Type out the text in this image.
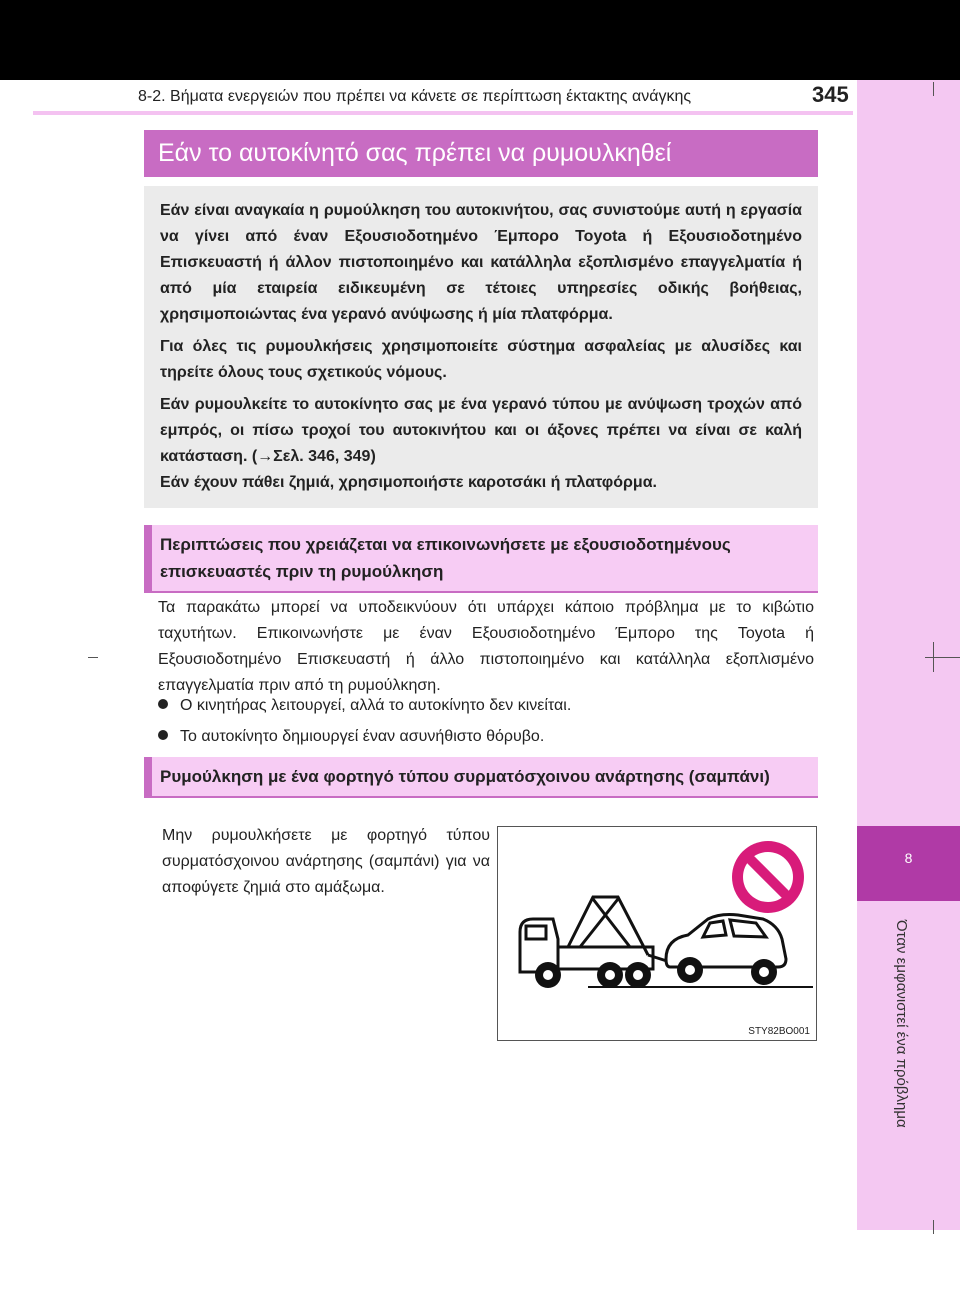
8
Όταν εμφανιστεί ένα πρόβλημα
8-2. Βήματα ενεργειών που πρέπει να κάνετε σε περίπτωση έκτακτης ανάγκης	345
Εάν το αυτοκίνητό σας πρέπει να ρυμουλκηθεί

Εάν είναι αναγκαία η ρυμούλκηση του αυτοκινήτου, σας συνιστούμε αυτή η εργασία να γίνει από έναν Εξουσιοδοτημένο Έμπορο Toyota ή Εξουσιοδοτημένο Επισκευαστή ή άλλον πιστοποιημένο και κατάλληλα εξοπλισμένο επαγγελματία ή από μία εταιρεία ειδικευμένη σε τέτοιες υπηρεσίες οδικής βοήθειας, χρησιμοποιώντας ένα γερανό ανύψωσης ή μία πλατφόρμα.

Για όλες τις ρυμουλκήσεις χρησιμοποιείτε σύστημα ασφαλείας με αλυσίδες και τηρείτε όλους τους σχετικούς νόμους.

Εάν ρυμουλκείτε το αυτοκίνητο σας με ένα γερανό τύπου με ανύψωση τροχών από εμπρός, οι πίσω τροχοί του αυτοκινήτου και οι άξονες πρέπει να είναι σε καλή κατάσταση. (→Σελ. 346, 349)

Εάν έχουν πάθει ζημιά, χρησιμοποιήστε καροτσάκι ή πλατφόρμα.

Περιπτώσεις που χρειάζεται να επικοινωνήσετε με εξουσιοδοτημένους επισκευαστές πριν τη ρυμούλκηση

Τα παρακάτω μπορεί να υποδεικνύουν ότι υπάρχει κάποιο πρόβλημα με το κιβώτιο ταχυτήτων. Επικοινωνήστε με έναν Εξουσιοδοτημένο Έμπορο της Toyota ή Εξουσιοδοτημένο Επισκευαστή ή άλλο πιστοποιημένο και κατάλληλα εξοπλισμένο επαγγελματία πριν από τη ρυμούλκηση.

Ο κινητήρας λειτουργεί, αλλά το αυτοκίνητο δεν κινείται.
Το αυτοκίνητο δημιουργεί έναν ασυνήθιστο θόρυβο.
Ρυμούλκηση με ένα φορτηγό τύπου συρματόσχοινου ανάρτησης (σαμπάνι)

Μην ρυμουλκήσετε με φορτηγό τύπου συρματόσχοινου ανάρτησης (σαμπάνι) για να αποφύγετε ζημιά στο αμάξωμα.

STY82BO001
